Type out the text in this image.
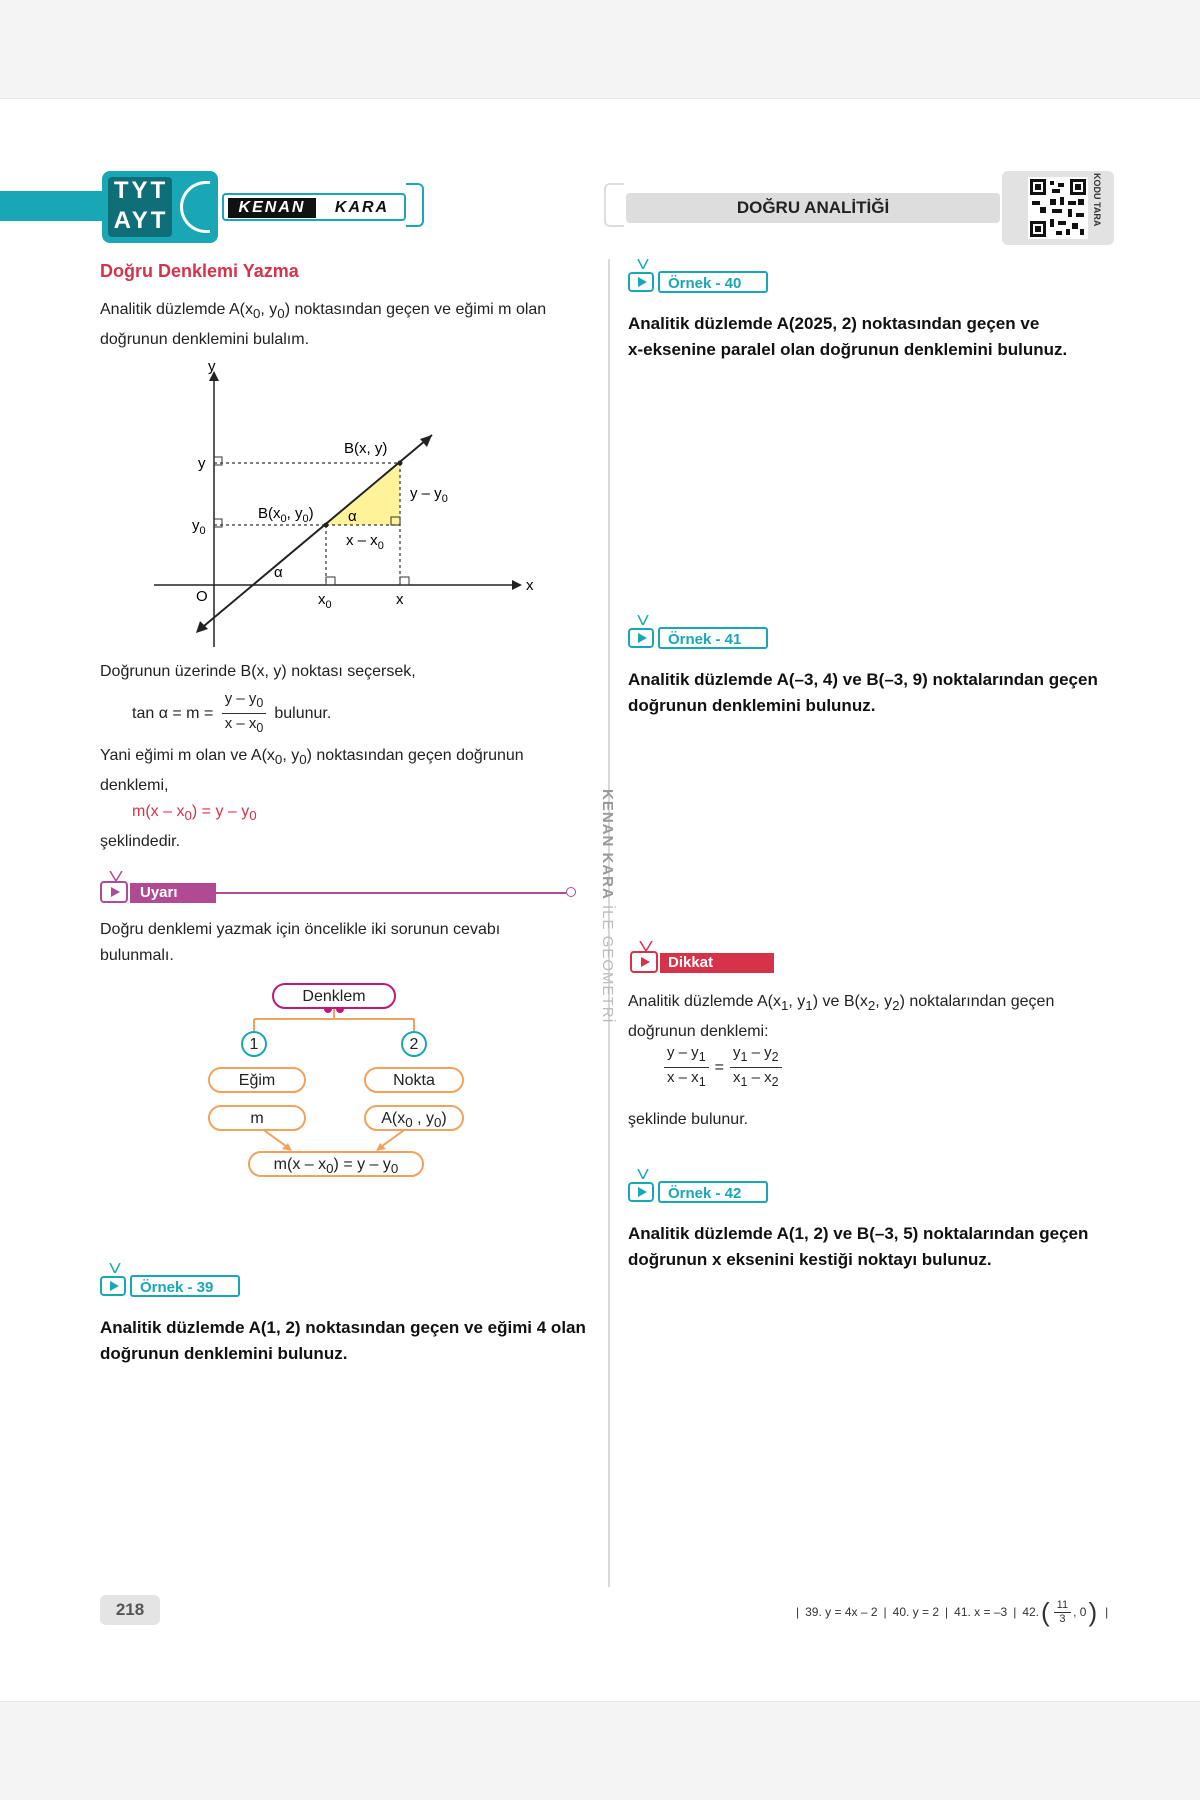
TYT
AYT	KENAN	KARA	DOĞRU ANALİTİĞİ	KODU TARA
Doğru Denklemi Yazma
Analitik düzlemde $A(x_0$, $y_0$) noktasından geçen ve eğimi m olan
doğrunun denklemini bulalım.
y
x
O
B(x, y)
$B(x_0$, $y_0$)
y
$y_0$
$x_0$	x
α
α
y – $y_0$
x – $x_0$
Doğrunun üzerinde B(x, y) noktası seçersek,
$\tan \alpha = m = \frac{y - y_0}{x - x_0}$ bulunur.
Yani eğimi m olan ve $A(x_0$, $y_0$) noktasından geçen doğrunun
denklemi,
$m(x - x_0) = y - y_0$
şeklindedir.
Uyarı
Doğru denklemi yazmak için öncelikle iki sorunun cevabı
bulunmalı.
Denklem
1	2
Eğim	Nokta
m	$A(x_0$ , $y_0$)
$m(x - x_0) = y - y_0$
Örnek - 39
Analitik düzlemde A(1, 2) noktasından geçen ve eğimi 4 olan
doğrunun denklemini bulunuz.
KENAN KARA İLE GEOMETRİ
Örnek - 40
Analitik düzlemde A(2025, 2) noktasından geçen ve
x-eksenine paralel olan doğrunun denklemini bulunuz.
Örnek - 41
Analitik düzlemde A(–3, 4) ve B(–3, 9) noktalarından geçen
doğrunun denklemini bulunuz.
Dikkat
Analitik düzlemde $A(x_1$, $y_1$) ve $B(x_2$, $y_2$) noktalarından geçen
doğrunun denklemi:
$\frac{y - y_1}{x - x_1} = \frac{y_1 - y_2}{x_1 - x_2}$
şeklinde bulunur.
Örnek - 42
Analitik düzlemde A(1, 2) ve B(–3, 5) noktalarından geçen
doğrunun x eksenini kestiği noktayı bulunuz.
218	| 39. y = 4x – 2 | 40. y = 2 | 41. x = –3 | 42. ( $\frac{11}{3}$ , 0 ) |
